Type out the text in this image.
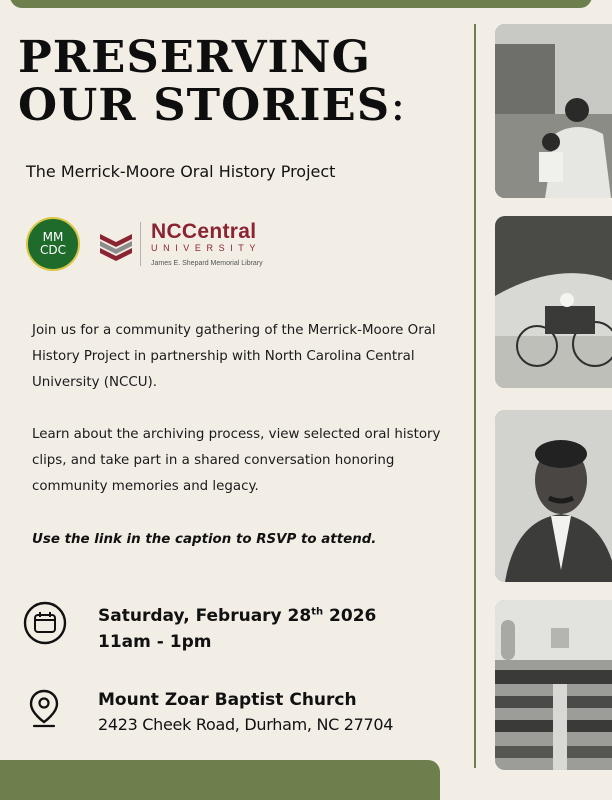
PRESERVING
OUR STORIES:
The Merrick-Moore Oral History Project
MM
CDC
NCCentral
UNIVERSITY
James E. Shepard Memorial Library

Join us for a community gathering of the Merrick-Moore Oral History Project in partnership with North Carolina Central University (NCCU).

Learn about the archiving process, view selected oral history clips, and take part in a shared conversation honoring community memories and legacy.

Use the link in the caption to RSVP to attend.
Saturday, February 28th 2026
11am - 1pm
Mount Zoar Baptist Church
2423 Cheek Road, Durham, NC 27704
